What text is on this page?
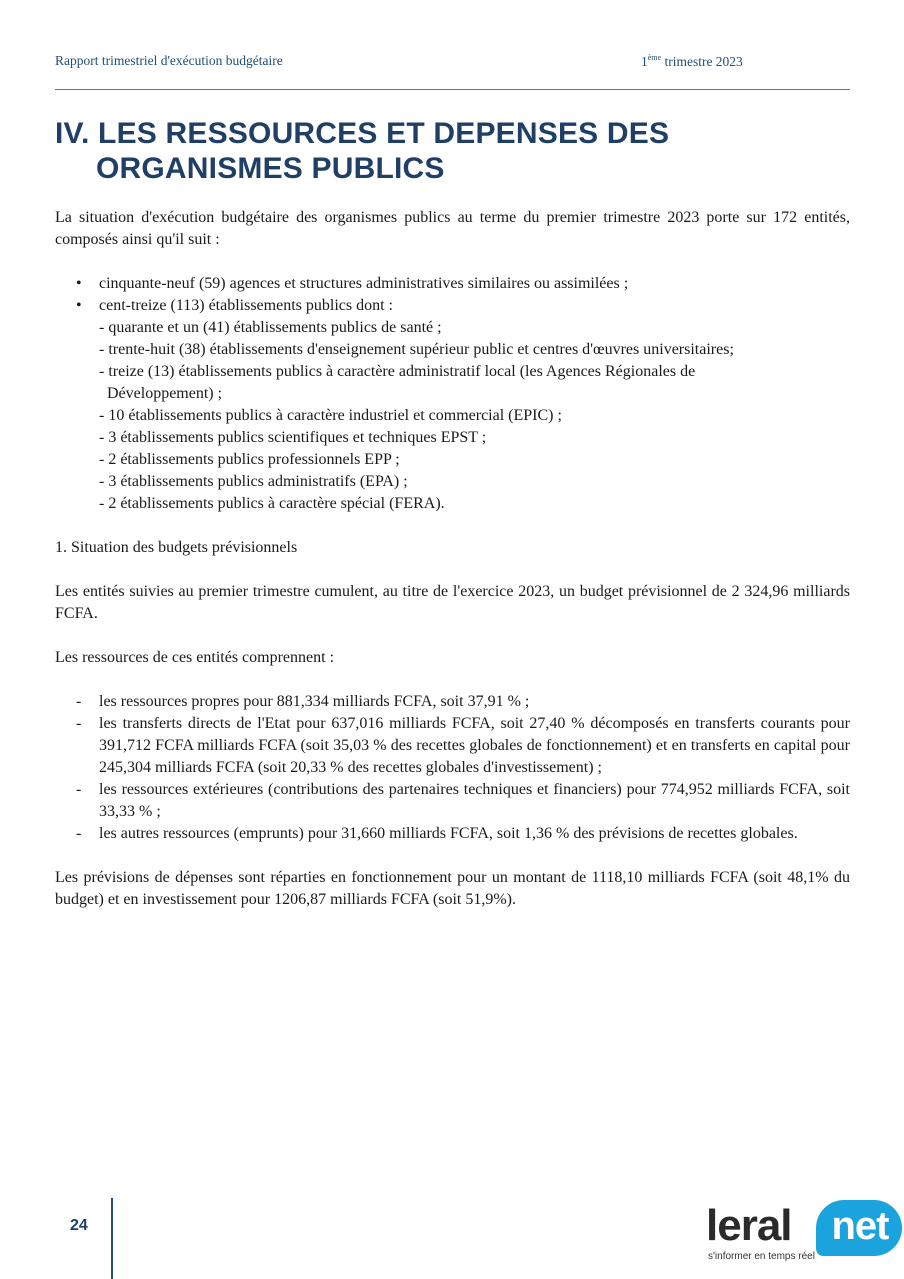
Rapport trimestriel d'exécution budgétaire	1ème trimestre 2023
IV. LES RESSOURCES ET DEPENSES DES
ORGANISMES PUBLICS

La situation d'exécution budgétaire des organismes publics au terme du premier trimestre 2023 porte sur 172 entités, composés ainsi qu'il suit :

• cinquante-neuf (59) agences et structures administratives similaires ou assimilées ;
• cent-treize (113) établissements publics dont :
- quarante et un (41) établissements publics de santé ;
- trente-huit (38) établissements d'enseignement supérieur public et centres d'œuvres universitaires;
- treize (13) établissements publics à caractère administratif local (les Agences Régionales de
Développement) ;
- 10 établissements publics à caractère industriel et commercial (EPIC) ;
- 3 établissements publics scientifiques et techniques EPST ;
- 2 établissements publics professionnels EPP ;
- 3 établissements publics administratifs (EPA) ;
- 2 établissements publics à caractère spécial (FERA).

1. Situation des budgets prévisionnels

Les entités suivies au premier trimestre cumulent, au titre de l'exercice 2023, un budget prévisionnel de 2 324,96 milliards FCFA.

Les ressources de ces entités comprennent :

- les ressources propres pour 881,334 milliards FCFA, soit 37,91 % ;
- les transferts directs de l'Etat pour 637,016 milliards FCFA, soit 27,40 % décomposés en transferts courants pour 391,712 FCFA milliards FCFA (soit 35,03 % des recettes globales de fonctionnement) et en transferts en capital pour 245,304 milliards FCFA (soit 20,33 % des recettes globales d'investissement) ;
- les ressources extérieures (contributions des partenaires techniques et financiers) pour 774,952 milliards FCFA, soit 33,33 % ;
- les autres ressources (emprunts) pour 31,660 milliards FCFA, soit 1,36 % des prévisions de recettes globales.

Les prévisions de dépenses sont réparties en fonctionnement pour un montant de 1118,10 milliards FCFA (soit 48,1% du budget) et en investissement pour 1206,87 milliards FCFA (soit 51,9%).

24	leral net
s'informer en temps réel
